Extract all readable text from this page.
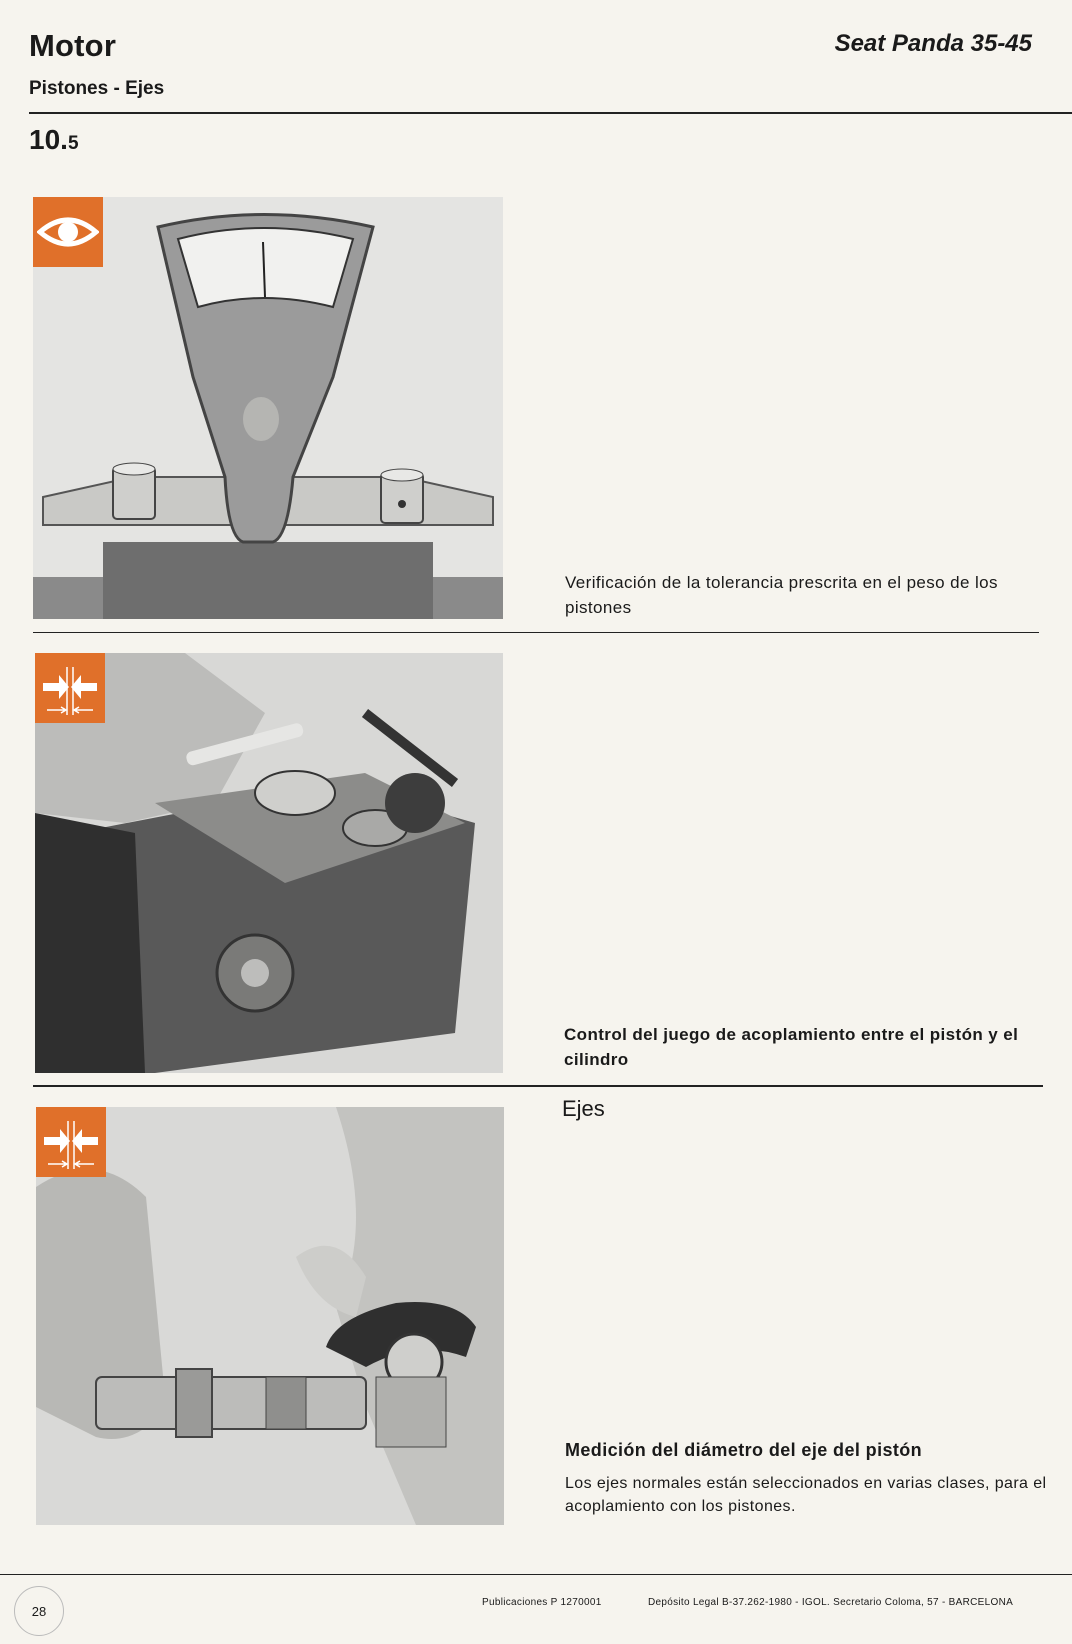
Motor
Pistones - Ejes
Seat Panda 35-45
10.5
Verificación de la tolerancia prescrita en el peso de los pistones
Control del juego de acoplamiento entre el pistón y el cilindro
Ejes
Medición del diámetro del eje del pistón
Los ejes normales están seleccionados en varias clases, para el acoplamiento con los pistones.
28
Publicaciones P 1270001	Depósito Legal B-37.262-1980 - IGOL. Secretario Coloma, 57 - BARCELONA
